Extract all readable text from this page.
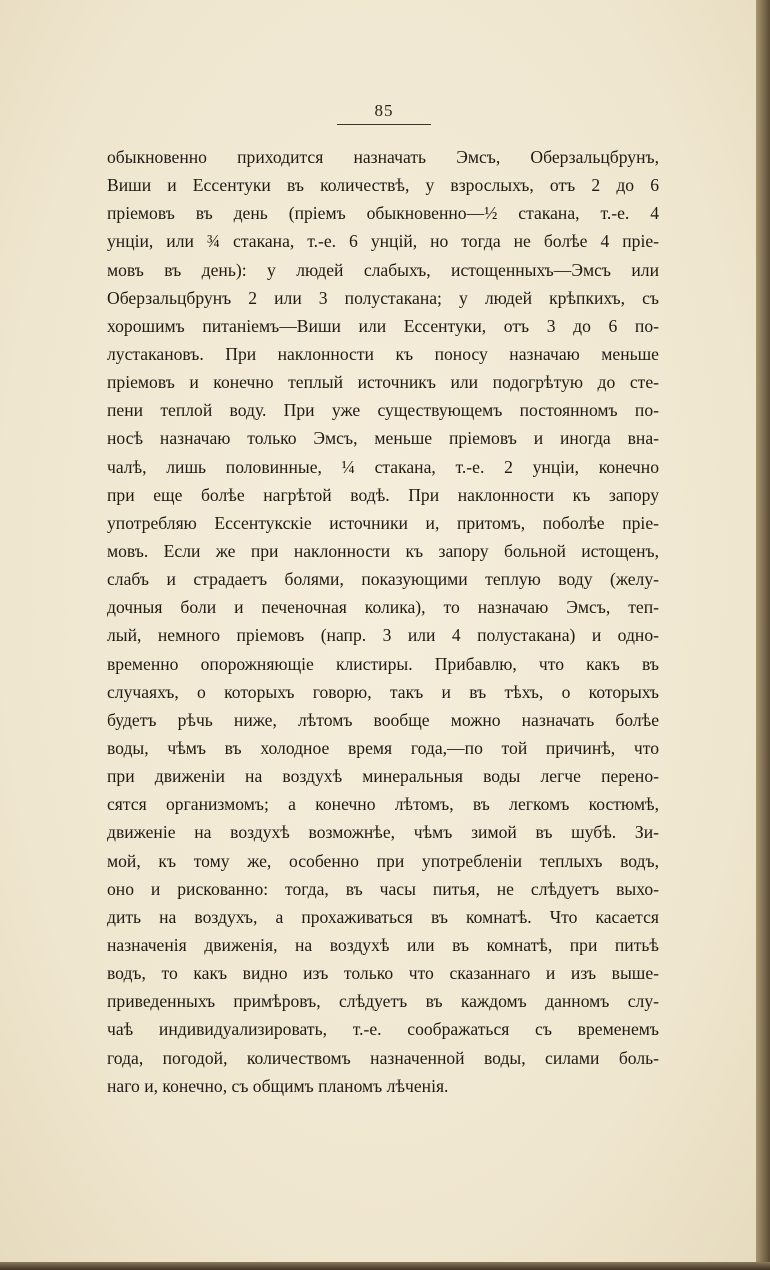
85
обыкновенно приходится назначать Эмсъ, Оберзальцбрунъ,
Виши и Ессентуки въ количествѣ, у взрослыхъ, отъ 2 до 6
пріемовъ въ день (пріемъ обыкновенно—½ стакана, т.-е. 4
унціи, или ¾ стакана, т.-е. 6 унцій, но тогда не болѣе 4 прie-
мовъ въ день): у людей слабыхъ, истощенныхъ—Эмсъ или
Оберзальцбрунъ 2 или 3 полустакана; у людей крѣпкихъ, съ
хорошимъ питаніемъ—Виши или Ессентуки, отъ 3 до 6 по-
лустакановъ. При наклонности къ поносу назначаю меньше
пріемовъ и конечно теплый источникъ или подогрѣтую до сте-
пени теплой воду. При уже существующемъ постоянномъ по-
носѣ назначаю только Эмсъ, меньше пріемовъ и иногда вна-
чалѣ, лишь половинные, ¼ стакана, т.-е. 2 унціи, конечно
при еще болѣе нагрѣтой водѣ. При наклонности къ запору
употребляю Ессентукскіе источники и, притомъ, поболѣе пріе-
мовъ. Если же при наклонности къ запору больной истощенъ,
слабъ и страдаетъ болями, показующими теплую воду (желу-
дочныя боли и печеночная колика), то назначаю Эмсъ, теп-
лый, немного пріемовъ (напр. 3 или 4 полустакана) и одно-
временно опорожняющіе клистиры. Прибавлю, что какъ въ
случаяхъ, о которыхъ говорю, такъ и въ тѣхъ, о которыхъ
будетъ рѣчь ниже, лѣтомъ вообще можно назначать болѣе
воды, чѣмъ въ холодное время года,—по той причинѣ, что
при движеніи на воздухѣ минеральныя воды легче перено-
сятся организмомъ; а конечно лѣтомъ, въ легкомъ костюмѣ,
движеніе на воздухѣ возможнѣе, чѣмъ зимой въ шубѣ. Зи-
мой, къ тому же, особенно при употребленіи теплыхъ водъ,
оно и рискованно: тогда, въ часы питья, не слѣдуетъ выхо-
дить на воздухъ, а прохаживаться въ комнатѣ. Что касается
назначенія движенія, на воздухѣ или въ комнатѣ, при питьѣ
водъ, то какъ видно изъ только что сказаннаго и изъ выше-
приведенныхъ примѣровъ, слѣдуетъ въ каждомъ данномъ слу-
чаѣ индивидуализировать, т.-е. соображаться съ временемъ
года, погодой, количествомъ назначенной воды, силами боль-
наго и, конечно, съ общимъ планомъ лѣченія.
